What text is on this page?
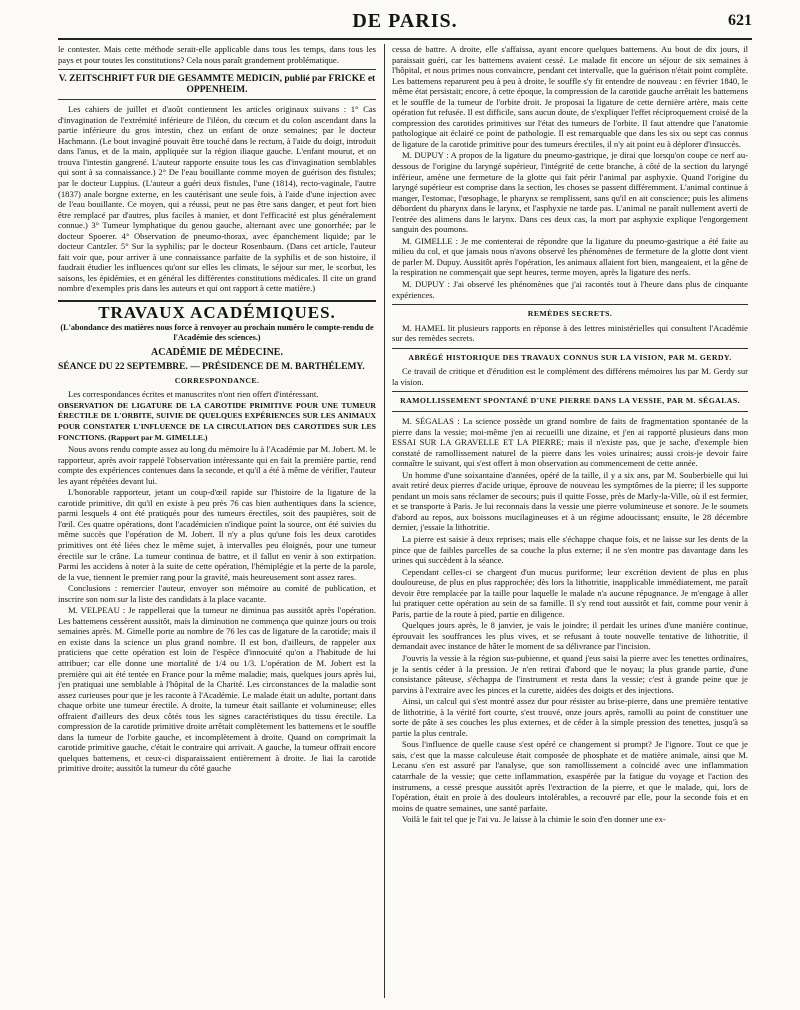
DE PARIS.	621

le contester. Mais cette méthode serait-elle applicable dans tous les temps, dans tous les pays et pour toutes les constitutions? Cela nous paraît grandement problématique.

V. ZEITSCHRIFT FUR DIE GESAMMTE MEDICIN, publié par FRICKE et OPPENHEIM.

Les cahiers de juillet et d'août contiennent les articles originaux suivans : 1° Cas d'invagination de l'extrémité inférieure de l'iléon, du cœcum et du colon ascendant dans la partie inférieure du gros intestin, chez un enfant de onze semaines; par le docteur Hachmann. (Le bout invaginé pouvait être touché dans le rectum, à l'aide du doigt, introduit dans l'anus, et de la main, appliquée sur la région iliaque gauche. L'enfant mourut, et on trouva l'intestin gangrené. L'auteur rapporte ensuite tous les cas d'invagination semblables qui sont à sa connaissance.) 2° De l'eau bouillante comme moyen de guérison des fistules; par le docteur Luppius. (L'auteur a guéri deux fistules, l'une (1814), recto-vaginale, l'autre (1837) anale borgne externe, en les cautérisant une seule fois, à l'aide d'une injection avec de l'eau bouillante. Ce moyen, qui a réussi, peut ne pas être sans danger, et peut fort bien être remplacé par d'autres, plus faciles à manier, et dont l'efficacité est plus généralement connue.) 3° Tumeur lymphatique du genou gauche, alternant avec une gonorrhée; par le docteur Spoerer. 4° Observation de pneumo-thorax, avec épanchement liquide; par le docteur Cantzler. 5° Sur la syphilis; par le docteur Rosenbaum. (Dans cet article, l'auteur fait voir que, pour arriver à une connaissance parfaite de la syphilis et de son histoire, il faudrait étudier les influences qu'ont sur elles les climats, le séjour sur mer, le scorbut, les saisons, les épidémies, et en général les différentes constitutions médicales. Il cite un grand nombre d'exemples pris dans les auteurs et qui ont rapport à cette matière.)

TRAVAUX ACADÉMIQUES.

(L'abondance des matières nous force à renvoyer au prochain numéro le compte-rendu de l'Académie des sciences.)

ACADÉMIE DE MÉDECINE.

SÉANCE DU 22 SEPTEMBRE. — PRÉSIDENCE DE M. BARTHÉLEMY.

CORRESPONDANCE.

Les correspondances écrites et manuscrites n'ont rien offert d'intéressant.

OBSERVATION DE LIGATURE DE LA CAROTIDE PRIMITIVE POUR UNE TUMEUR ÉRECTILE DE L'ORBITE, SUIVIE DE QUELQUES EXPÉRIENCES SUR LES ANIMAUX POUR CONSTATER L'INFLUENCE DE LA CIRCULATION DES CAROTIDES SUR LES FONCTIONS. (Rapport par M. GIMELLE.)

Nous avons rendu compte assez au long du mémoire lu à l'Académie par M. Jobert. M. le rapporteur, après avoir rappelé l'observation intéressante qui en fait la première partie, rend compte des expériences contenues dans la seconde, et qu'il a été à même de vérifier, l'auteur les ayant répétées devant lui.

L'honorable rapporteur, jetant un coup-d'œil rapide sur l'histoire de la ligature de la carotide primitive, dit qu'il en existe à peu près 76 cas bien authentiques dans la science, parmi lesquels 4 ont été pratiqués pour des tumeurs érectiles, soit des paupières, soit de l'œil. Ces quatre opérations, dont l'académicien n'indique point la source, ont été suivies du même succès que l'opération de M. Jobert. Il n'y a plus qu'une fois les deux carotides primitives ont été liées chez le même sujet, à intervalles peu éloignés, pour une tumeur érectile sur le crâne. La tumeur continua de battre, et il fallut en venir à son extirpation. Parmi les accidens à noter à la suite de cette opération, l'hémiplégie et la perte de la parole, de la vue, tiennent le premier rang pour la gravité, mais heureusement sont assez rares.

Conclusions : remercier l'auteur, envoyer son mémoire au comité de publication, et inscrire son nom sur la liste des candidats à la place vacante.

M. VELPEAU : Je rappellerai que la tumeur ne diminua pas aussitôt après l'opération. Les battemens cessèrent aussitôt, mais la diminution ne commença que quinze jours ou trois semaines après. M. Gimelle porte au nombre de 76 les cas de ligature de la carotide; mais il en existe dans la science un plus grand nombre. Il est bon, d'ailleurs, de rappeler aux praticiens que cette opération est loin de l'espèce d'innocuité qu'on a l'habitude de lui attribuer; car elle donne une mortalité de 1/4 ou 1/3. L'opération de M. Jobert est la première qui ait été tentée en France pour la même maladie; mais, quelques jours après lui, j'en pratiquai une semblable à l'hôpital de la Charité. Les circonstances de la maladie sont assez curieuses pour que je les raconte à l'Académie. Le malade était un adulte, portant dans chaque orbite une tumeur érectile. A droite, la tumeur était saillante et volumineuse; elles offraient d'ailleurs des deux côtés tous les signes caractéristiques du tissu érectile. La compression de la carotide primitive droite arrêtait complètement les battemens et le souffle dans la tumeur de l'orbite gauche, et incomplètement à droite. Quand on comprimait la carotide primitive gauche, c'était le contraire qui arrivait. A gauche, la tumeur offrait encore quelques battemens, et ceux-ci disparaissaient entièrement à droite. Je liai la carotide primitive droite; aussitôt la tumeur du côté gauche

cessa de battre. A droite, elle s'affaissa, ayant encore quelques battemens. Au bout de dix jours, il paraissait guéri, car les battemens avaient cessé. Le malade fit encore un séjour de six semaines à l'hôpital, et nous primes nous convaincre, pendant cet intervalle, que la guérison n'était point complète. Les battemens reparurent peu à peu à droite, le souffle s'y fit entendre de nouveau : en février 1840, le même état persistait; encore, à cette époque, la compression de la carotide gauche arrêtait les battemens et le souffle de la tumeur de l'orbite droit. Je proposai la ligature de cette dernière artère, mais cette opération fut refusée. Il est difficile, sans aucun doute, de s'expliquer l'effet réciproquement croisé de la compression des carotides primitives sur l'état des tumeurs de l'orbite. Il faut attendre que l'anatomie pathologique ait éclairé ce point de pathologie. Il est remarquable que dans les six ou sept cas connus de ligature de la carotide primitive pour des tumeurs érectiles, il n'y ait point eu à déplorer d'insuccès.

M. DUPUY : A propos de la ligature du pneumo-gastrique, je dirai que lorsqu'on coupe ce nerf au-dessous de l'origine du laryngé supérieur, l'intégrité de cette branche, à côté de la section du laryngé inférieur, amène une fermeture de la glotte qui fait périr l'animal par asphyxie. Quand l'origine du laryngé supérieur est comprise dans la section, les choses se passent différemment. L'animal continue à manger, l'estomac, l'œsophage, le pharynx se remplissent, sans qu'il en ait conscience; puis les alimens débordent du pharynx dans le larynx, et l'asphyxie ne tarde pas. L'animal ne paraît nullement averti de l'entrée des alimens dans le larynx. Dans ces deux cas, la mort par asphyxie explique l'engorgement sanguin des poumons.

M. GIMELLE : Je me contenterai de répondre que la ligature du pneumo-gastrique a été faite au milieu du col, et que jamais nous n'avons observé les phénomènes de fermeture de la glotte dont vient de parler M. Dupuy. Aussitôt après l'opération, les animaux allaient fort bien, mangeaient, et la gêne de la respiration ne commençait que sept heures, terme moyen, après la ligature des nerfs.

M. DUPUY : J'ai observé les phénomènes que j'ai racontés tout à l'heure dans plus de cinquante expériences.

REMÈDES SECRETS.

M. HAMEL lit plusieurs rapports en réponse à des lettres ministérielles qui consultent l'Académie sur des remèdes secrets.

ABRÉGÉ HISTORIQUE DES TRAVAUX CONNUS SUR LA VISION, PAR M. GERDY.

Ce travail de critique et d'érudition est le complément des différens mémoires lus par M. Gerdy sur la vision.

RAMOLLISSEMENT SPONTANÉ D'UNE PIERRE DANS LA VESSIE, PAR M. SÉGALAS.

M. SÉGALAS : La science possède un grand nombre de faits de fragmentation spontanée de la pierre dans la vessie; moi-même j'en ai recueilli une dizaine, et j'en ai rapporté plusieurs dans mon ESSAI SUR LA GRAVELLE ET LA PIERRE; mais il n'existe pas, que je sache, d'exemple bien constaté de ramollissement naturel de la pierre dans les voies urinaires; aussi crois-je devoir faire connaître le suivant, qui s'est offert à mon observation au commencement de cette année.

Un homme d'une soixantaine d'années, opéré de la taille, il y a six ans, par M. Souberbielle qui lui avait retiré deux pierres d'acide urique, éprouve de nouveau les symptômes de la pierre; il les supporte pendant un mois sans réclamer de secours; puis il quitte Fosse, près de Marly-la-Ville, où il est fermier, et se transporte à Paris. Je lui reconnais dans la vessie une pierre volumineuse et sonore. Je le soumets d'abord au repos, aux boissons mucilagineuses et à un régime adoucissant; ensuite, le 28 décembre dernier, j'essaie la lithotritie.

La pierre est saisie à deux reprises; mais elle s'échappe chaque fois, et ne laisse sur les dents de la pince que de faibles parcelles de sa couche la plus externe; il ne s'en montre pas davantage dans les urines qui succèdent à la séance.

Cependant celles-ci se chargent d'un mucus puriforme; leur excrétion devient de plus en plus douloureuse, de plus en plus rapprochée; dès lors la lithotritie, inapplicable immédiatement, me paraît devoir être remplacée par la taille pour laquelle le malade n'a aucune répugnance. Je m'engage à aller lui pratiquer cette opération au sein de sa famille. Il s'y rend tout aussitôt et fait, comme pour venir à Paris, partie de la route à pied, partie en diligence.

Quelques jours après, le 8 janvier, je vais le joindre; il perdait les urines d'une manière continue, éprouvait les souffrances les plus vives, et se refusant à toute nouvelle tentative de lithotritie, il demandait avec instance de hâter le moment de sa délivrance par l'incision.

J'ouvris la vessie à la région sus-pubienne, et quand j'eus saisi la pierre avec les tenettes ordinaires, je la sentis céder à la pression. Je n'en retirai d'abord que le noyau; la plus grande partie, d'une consistance pâteuse, s'échappa de l'instrument et resta dans la vessie; c'est à grande peine que je parvins à l'extraire avec les pinces et la curette, aidées des doigts et des injections.

Ainsi, un calcul qui s'est montré assez dur pour résister au brise-pierre, dans une première tentative de lithotritie, à la vérité fort courte, s'est trouvé, onze jours après, ramolli au point de constituer une sorte de pâte à ses couches les plus externes, et de céder à la simple pression des tenettes, jusqu'à sa partie la plus centrale.

Sous l'influence de quelle cause s'est opéré ce changement si prompt? Je l'ignore. Tout ce que je sais, c'est que la masse calculeuse était composée de phosphate et de matière animale, ainsi que M. Lecanu s'en est assuré par l'analyse, que son ramollissement a coïncidé avec une inflammation catarrhale de la vessie; que cette inflammation, exaspérée par la fatigue du voyage et l'action des instrumens, a cessé presque aussitôt après l'extraction de la pierre, et que le malade, qui, lors de l'opération, était en proie à des douleurs intolérables, a recouvré par elle, pour la seconde fois et en moins de quatre semaines, une santé parfaite.

Voilà le fait tel que je l'ai vu. Je laisse à la chimie le soin d'en donner une ex-
